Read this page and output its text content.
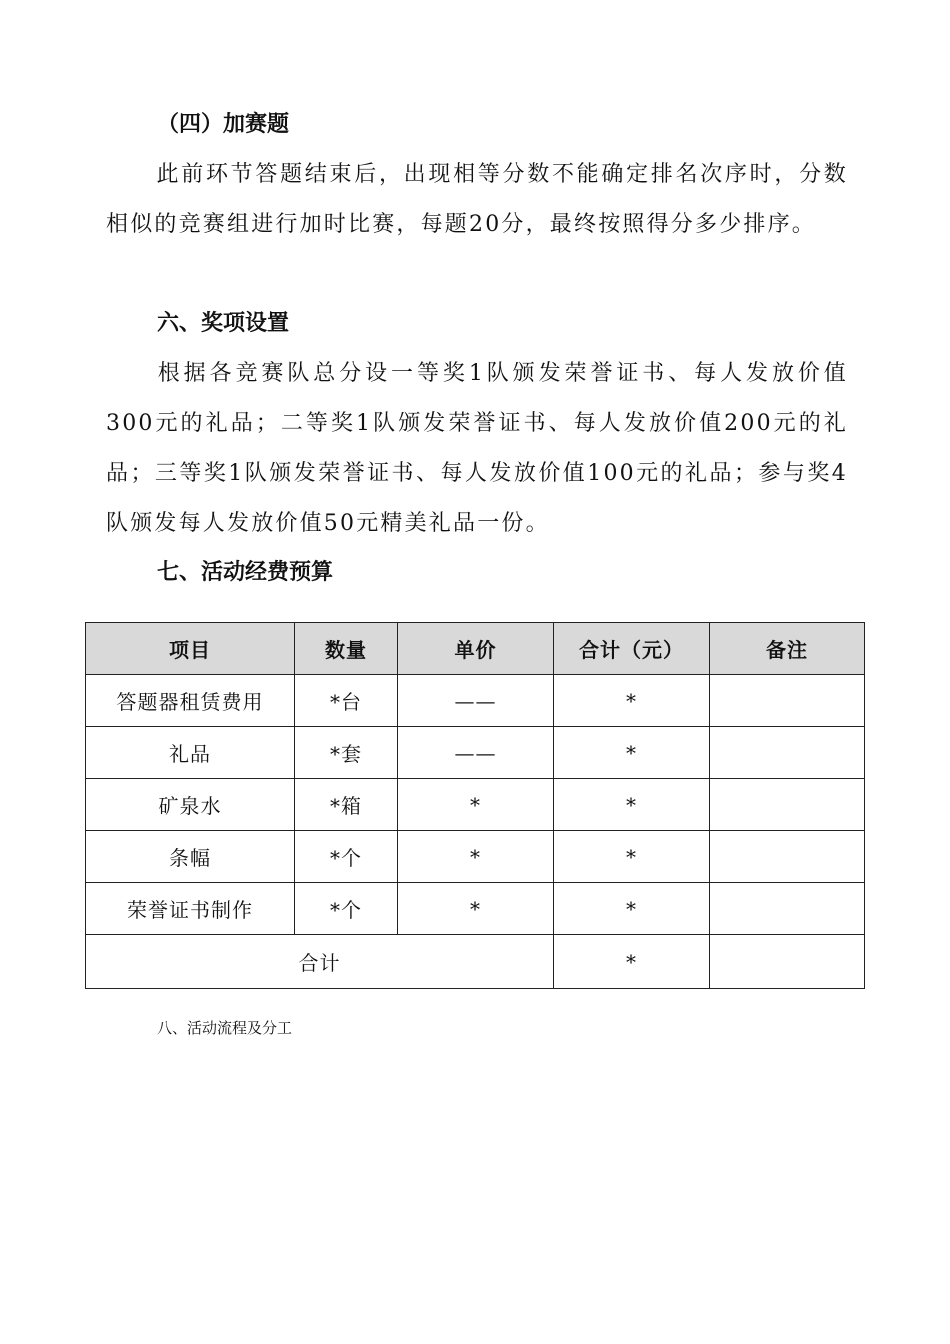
（四）加赛题
此前环节答题结束后，出现相等分数不能确定排名次序时，分数相似的竞赛组进行加时比赛，每题20分，最终按照得分多少排序。
六、奖项设置
根据各竞赛队总分设一等奖1队颁发荣誉证书、每人发放价值300元的礼品；二等奖1队颁发荣誉证书、每人发放价值200元的礼品；三等奖1队颁发荣誉证书、每人发放价值100元的礼品；参与奖4队颁发每人发放价值50元精美礼品一份。
七、活动经费预算
项目	数量	单价	合计（元）	备注
答题器租赁费用	*台	——	*	
礼品	*套	——	*	
矿泉水	*箱	*	*	
条幅	*个	*	*	
荣誉证书制作	*个	*	*	
合计			*	
八、活动流程及分工
